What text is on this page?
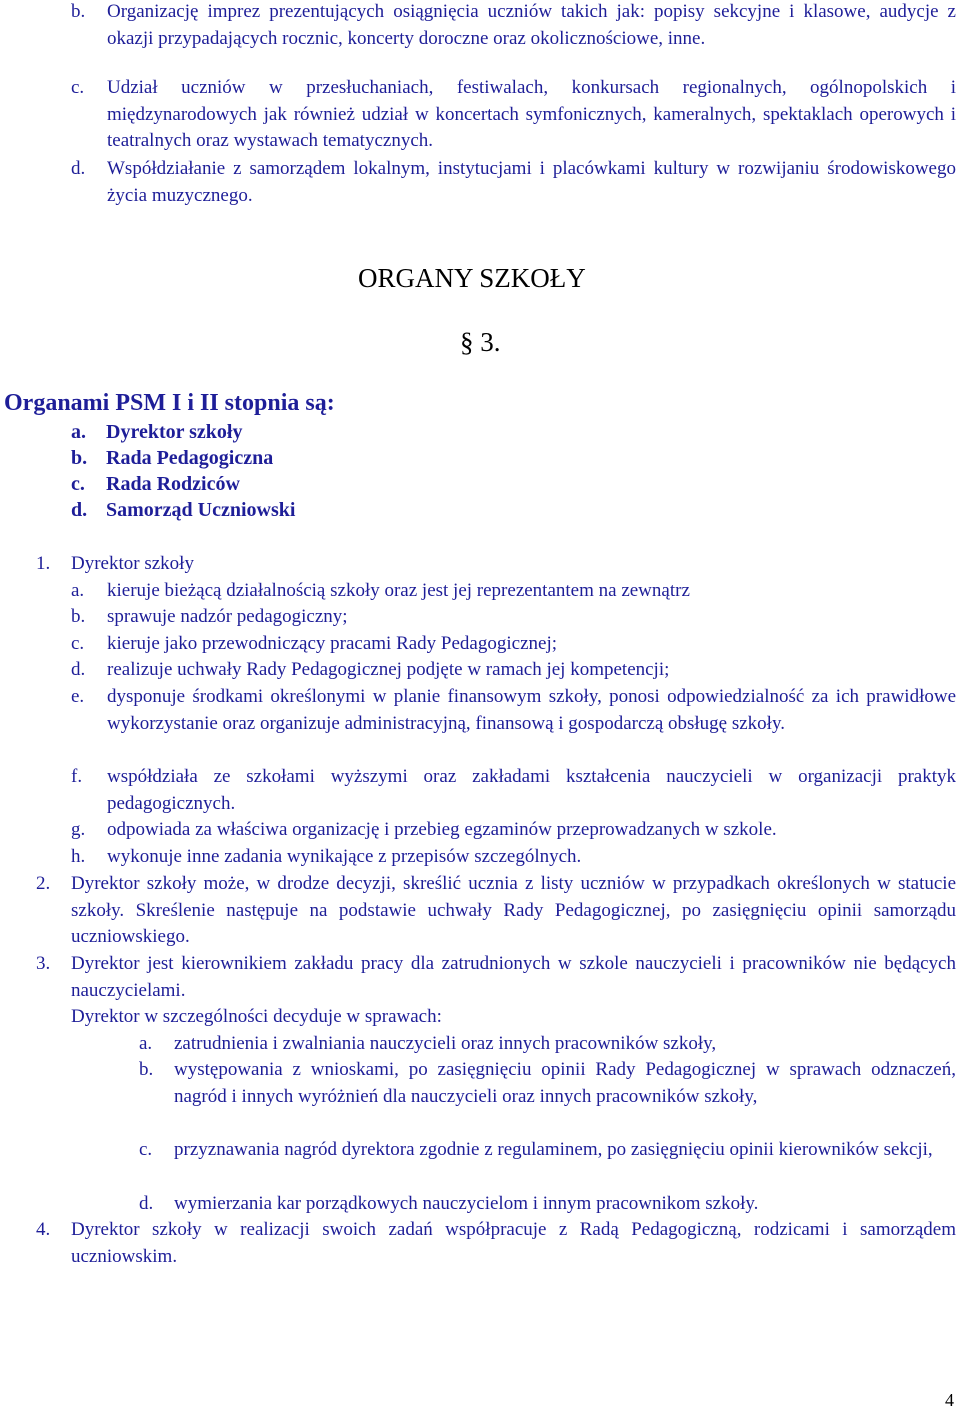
b.	Organizację imprez prezentujących osiągnięcia uczniów takich jak: popisy sekcyjne i klasowe, audycje z okazji przypadających rocznic, koncerty doroczne oraz okolicznościowe, inne.
c.	Udział uczniów w przesłuchaniach, festiwalach, konkursach regionalnych, ogólnopolskich i międzynarodowych jak również udział w koncertach symfonicznych, kameralnych, spektaklach operowych i teatralnych oraz wystawach tematycznych.
d.	Współdziałanie z samorządem lokalnym, instytucjami i placówkami kultury w rozwijaniu środowiskowego życia muzycznego.
ORGANY SZKOŁY
§ 3.
Organami PSM I i II stopnia są:
a. Dyrektor szkoły
b. Rada Pedagogiczna
c. Rada Rodziców
d. Samorząd Uczniowski
1.	Dyrektor szkoły
a.	kieruje bieżącą działalnością szkoły oraz jest jej reprezentantem na zewnątrz
b.	sprawuje nadzór pedagogiczny;
c.	kieruje jako przewodniczący pracami Rady Pedagogicznej;
d.	realizuje uchwały Rady Pedagogicznej podjęte w ramach jej kompetencji;
e.	dysponuje środkami określonymi w planie finansowym szkoły, ponosi odpowiedzialność za ich prawidłowe wykorzystanie oraz organizuje administracyjną, finansową i gospodarczą obsługę szkoły.
f.	współdziała ze szkołami wyższymi oraz zakładami kształcenia nauczycieli w organizacji praktyk pedagogicznych.
g.	odpowiada za właściwa organizację i przebieg egzaminów przeprowadzanych w szkole.
h.	wykonuje inne zadania wynikające z przepisów szczególnych.
2.	Dyrektor szkoły może, w drodze decyzji, skreślić ucznia z listy uczniów w przypadkach określonych w statucie szkoły. Skreślenie następuje na podstawie uchwały Rady Pedagogicznej, po zasięgnięciu opinii samorządu uczniowskiego.
3.	Dyrektor jest kierownikiem zakładu pracy dla zatrudnionych w szkole nauczycieli i pracowników nie będących nauczycielami.
Dyrektor w szczególności decyduje w sprawach:
a.	zatrudnienia i zwalniania nauczycieli oraz innych pracowników szkoły,
b.	występowania z wnioskami, po zasięgnięciu opinii Rady Pedagogicznej w sprawach odznaczeń, nagród i innych wyróżnień dla nauczycieli oraz innych pracowników szkoły,
c.	przyznawania nagród dyrektora zgodnie z regulaminem, po zasięgnięciu opinii kierowników sekcji,
d.	wymierzania kar porządkowych nauczycielom i innym pracownikom szkoły.
4.	Dyrektor szkoły w realizacji swoich zadań współpracuje z Radą Pedagogiczną, rodzicami i samorządem uczniowskim.
4
